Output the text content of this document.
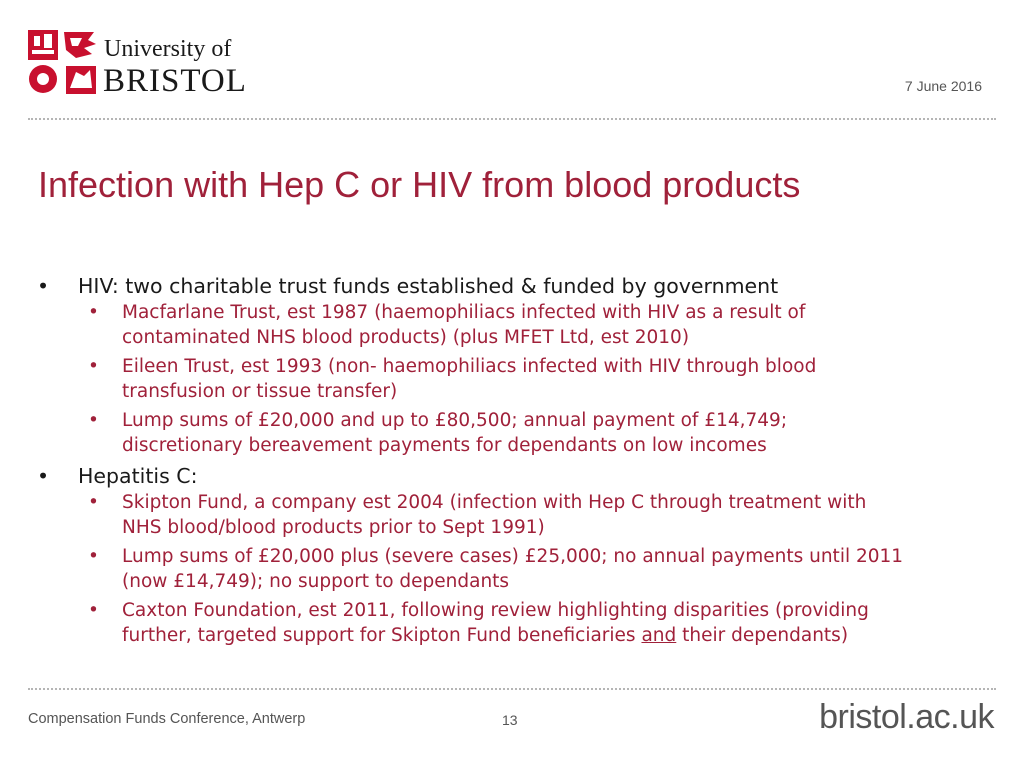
University of
BRISTOL	7 June 2016
Infection with Hep C or HIV from blood products
• HIV: two charitable trust funds established & funded by government
• Macfarlane Trust, est 1987 (haemophiliacs infected with HIV as a result of
contaminated NHS blood products) (plus MFET Ltd, est 2010)
• Eileen Trust, est 1993 (non- haemophiliacs infected with HIV through blood
transfusion or tissue transfer)
• Lump sums of £20,000 and up to £80,500; annual payment of £14,749;
discretionary bereavement payments for dependants on low incomes
• Hepatitis C:
• Skipton Fund, a company est 2004 (infection with Hep C through treatment with
NHS blood/blood products prior to Sept 1991)
• Lump sums of £20,000 plus (severe cases) £25,000; no annual payments until 2011
(now £14,749); no support to dependants
• Caxton Foundation, est 2011, following review highlighting disparities (providing
further, targeted support for Skipton Fund beneficiaries and their dependants)
Compensation Funds Conference, Antwerp	13	bristol.ac.uk
